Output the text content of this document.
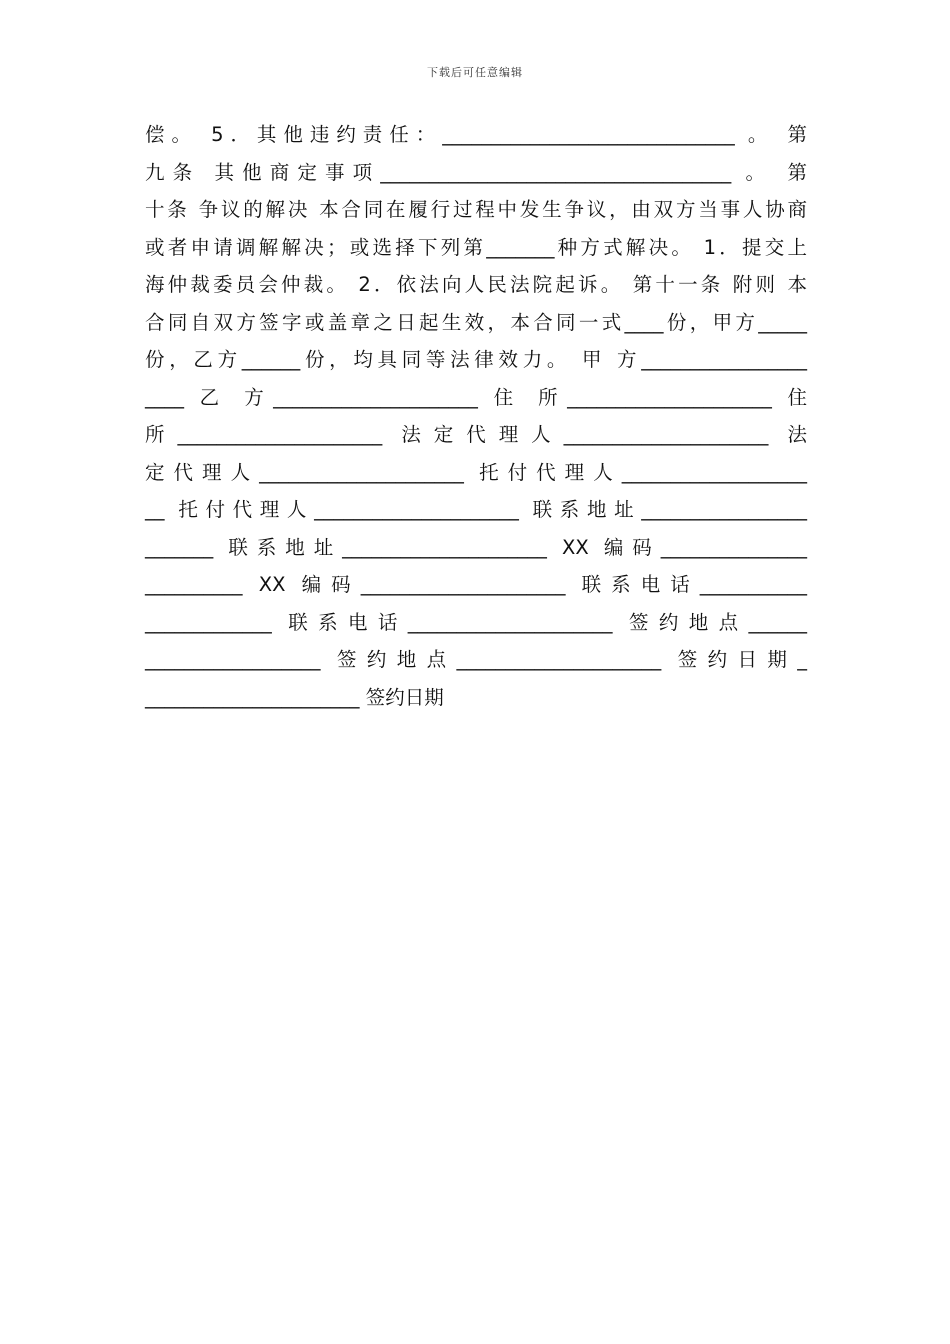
下载后可任意编辑
偿。 5．其他违约责任：______________________________ 。 第
九条 其他商定事项____________________________________ 。 第
十条 争议的解决 本合同在履行过程中发生争议，由双方当事人协商
或者申请调解解决；或选择下列第_______种方式解决。 1．提交上
海仲裁委员会仲裁。 2．依法向人民法院起诉。 第十一条 附则 本
合同自双方签字或盖章之日起生效，本合同一式____份，甲方_____
份，乙方______份，均具同等法律效力。 甲 方_________________
____ 乙 方_____________________ 住 所_____________________ 住
所_____________________ 法定代理人_____________________ 法
定代理人_____________________ 托付代理人___________________
__ 托付代理人_____________________ 联系地址_________________
_______ 联系地址_____________________ XX 编码_______________
__________ XX 编码_____________________ 联系电话___________
_____________ 联系电话_____________________ 签约地点______
__________________ 签约地点_____________________ 签约日期_
______________________ 签约日期
